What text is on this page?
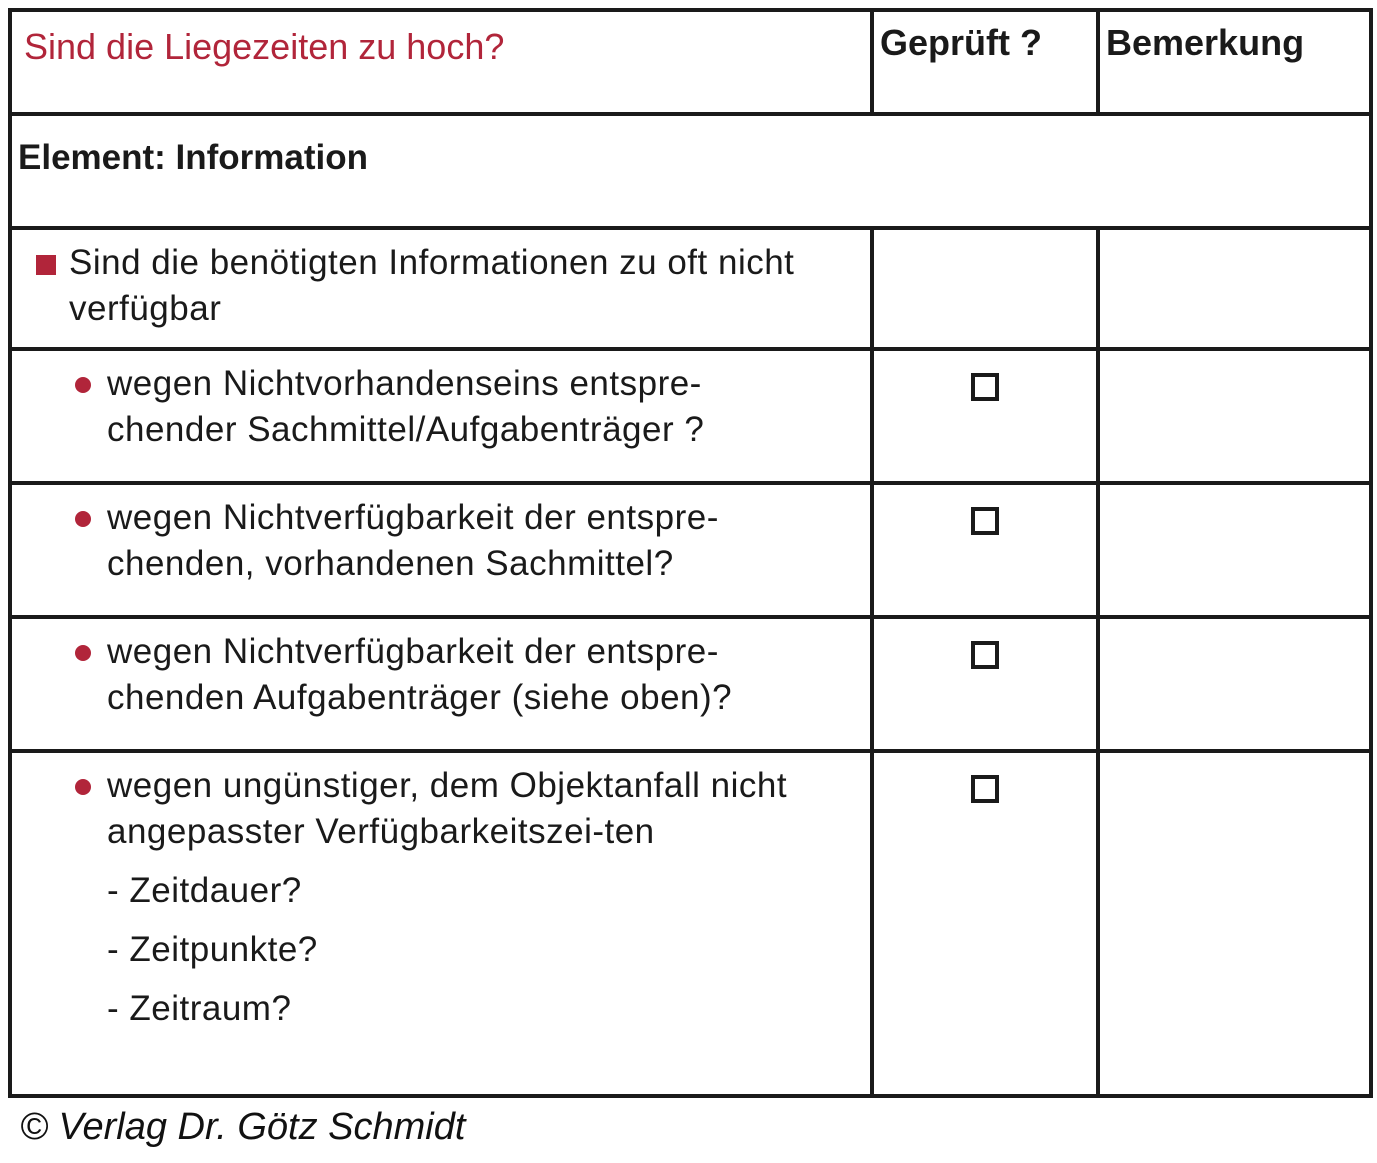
Sind die Liegezeiten zu hoch?	Geprüft ?	Bemerkung

Element: Information		

Sind die benötigten Informationen zu oft nicht verfügbar		

wegen Nichtvorhandenseins entspre-chender Sachmittel/Aufgabenträger ?		

wegen Nichtverfügbarkeit der entspre-chenden, vorhandenen Sachmittel?		

wegen Nichtverfügbarkeit der entspre-chenden Aufgabenträger (siehe oben)?		

wegen ungünstiger, dem Objektanfall nicht angepasster Verfügbarkeitszei-ten
- Zeitdauer?
- Zeitpunkte?
- Zeitraum?		

© Verlag Dr. Götz Schmidt
